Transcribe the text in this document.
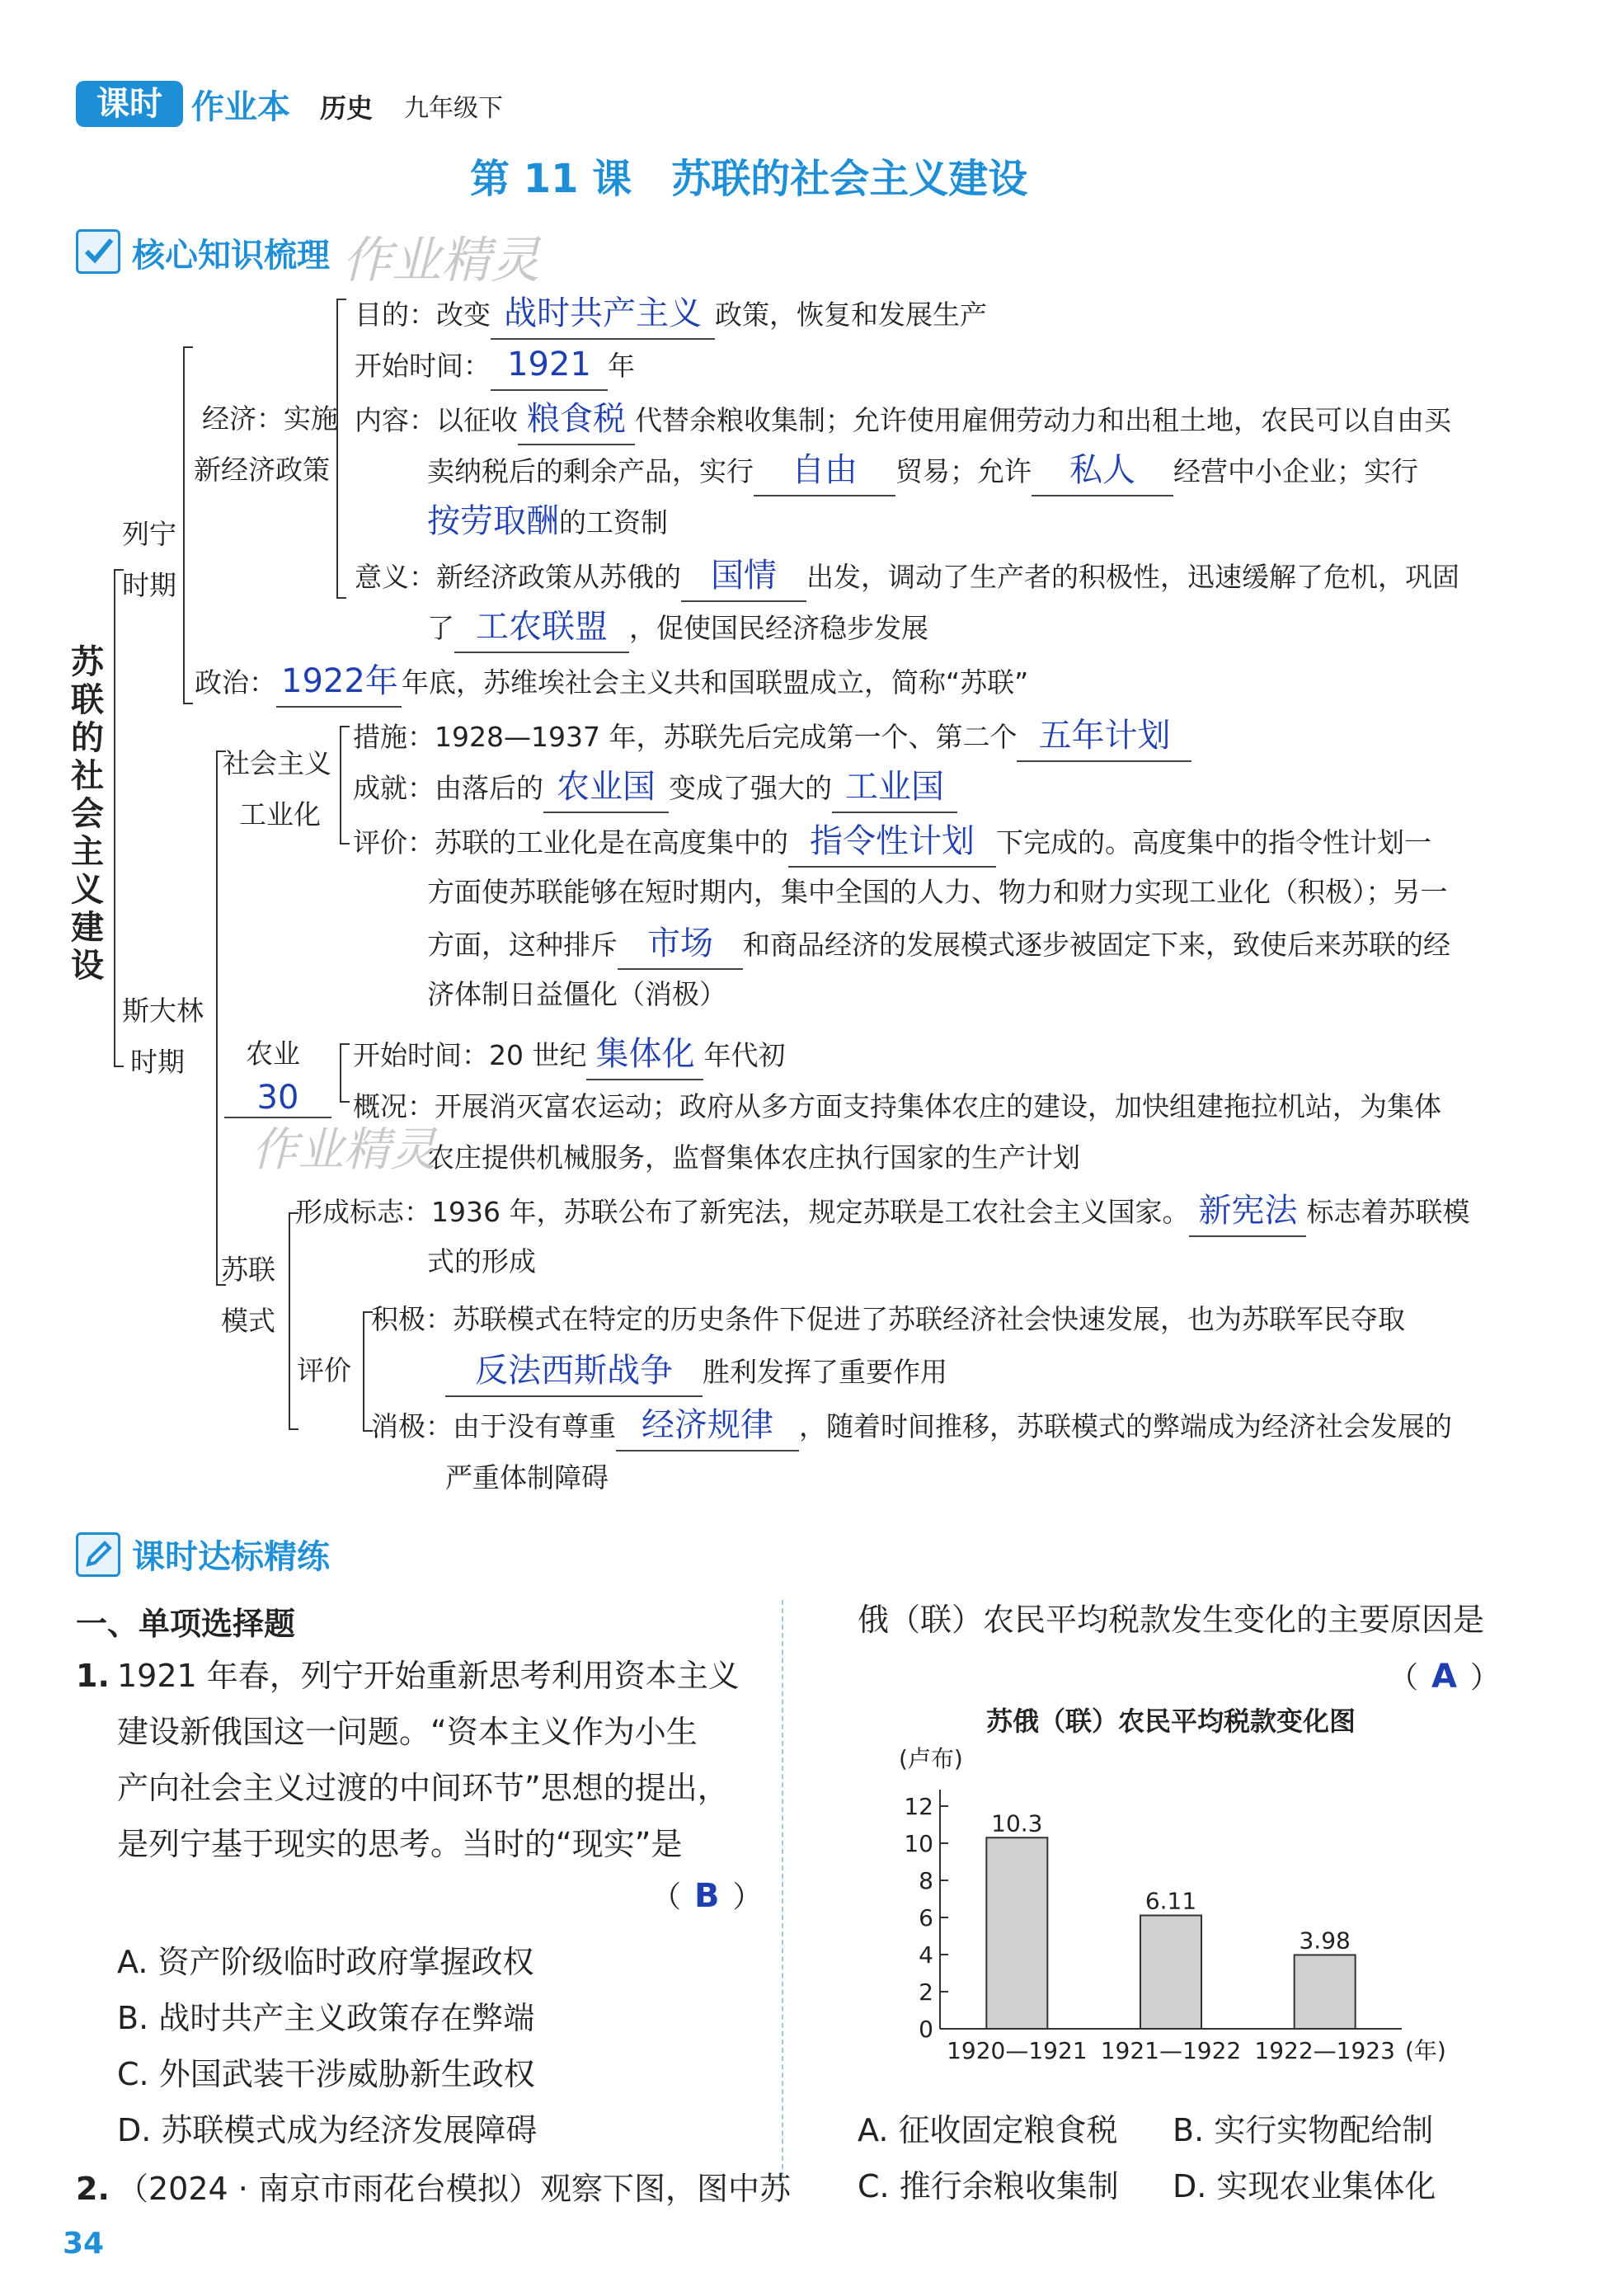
课时 作业本 历史 九年级下
第 11 课　苏联的社会主义建设
核心知识梳理 作业精灵
苏联的社会主义建设
列宁
时期
经济：实施
新经济政策
目的：改变 战时共产主义 政策，恢复和发展生产
开始时间： 1921 年
内容：以征收 粮食税 代替余粮收集制；允许使用雇佣劳动力和出租土地，农民可以自由买
卖纳税后的剩余产品，实行 自由 贸易；允许 私人 经营中小企业；实行
按劳取酬的工资制
意义：新经济政策从苏俄的 国情 出发，调动了生产者的积极性，迅速缓解了危机，巩固
了 工农联盟 ，促使国民经济稳步发展
政治： 1922年 年底，苏维埃社会主义共和国联盟成立，简称“苏联”
斯大林
时期
社会主义
工业化
措施：1928—1937 年，苏联先后完成第一个、第二个 五年计划
成就：由落后的 农业国 变成了强大的 工业国
评价：苏联的工业化是在高度集中的 指令性计划 下完成的。高度集中的指令性计划一
方面使苏联能够在短时期内，集中全国的人力、物力和财力实现工业化（积极）；另一
方面，这种排斥 市场 和商品经济的发展模式逐步被固定下来，致使后来苏联的经
济体制日益僵化（消极）
农业
30
开始时间：20 世纪 集体化 年代初
概况：开展消灭富农运动；政府从多方面支持集体农庄的建设，加快组建拖拉机站，为集体
农庄提供机械服务，监督集体农庄执行国家的生产计划
作业精灵
苏联
模式
形成标志：1936 年，苏联公布了新宪法，规定苏联是工农社会主义国家。 新宪法 标志着苏联模
式的形成
评价
积极：苏联模式在特定的历史条件下促进了苏联经济社会快速发展，也为苏联军民夺取
反法西斯战争 胜利发挥了重要作用
消极：由于没有尊重 经济规律 ，随着时间推移，苏联模式的弊端成为经济社会发展的
严重体制障碍
课时达标精练
一、单项选择题
1. 1921 年春，列宁开始重新思考利用资本主义
建设新俄国这一问题。“资本主义作为小生
产向社会主义过渡的中间环节”思想的提出，
是列宁基于现实的思考。当时的“现实”是
（ B ）
A. 资产阶级临时政府掌握政权
B. 战时共产主义政策存在弊端
C. 外国武装干涉威胁新生政权
D. 苏联模式成为经济发展障碍
2. （2024 · 南京市雨花台模拟）观察下图，图中苏
俄（联）农民平均税款发生变化的主要原因是
（ A ）
苏俄（联）农民平均税款变化图
(卢布)
0
2
4
6
8
10
12
10.3
1920—1921
6.11
1921—1922
3.98
1922—1923 (年)
A. 征收固定粮食税 B. 实行实物配给制
C. 推行余粮收集制 D. 实现农业集体化
34
